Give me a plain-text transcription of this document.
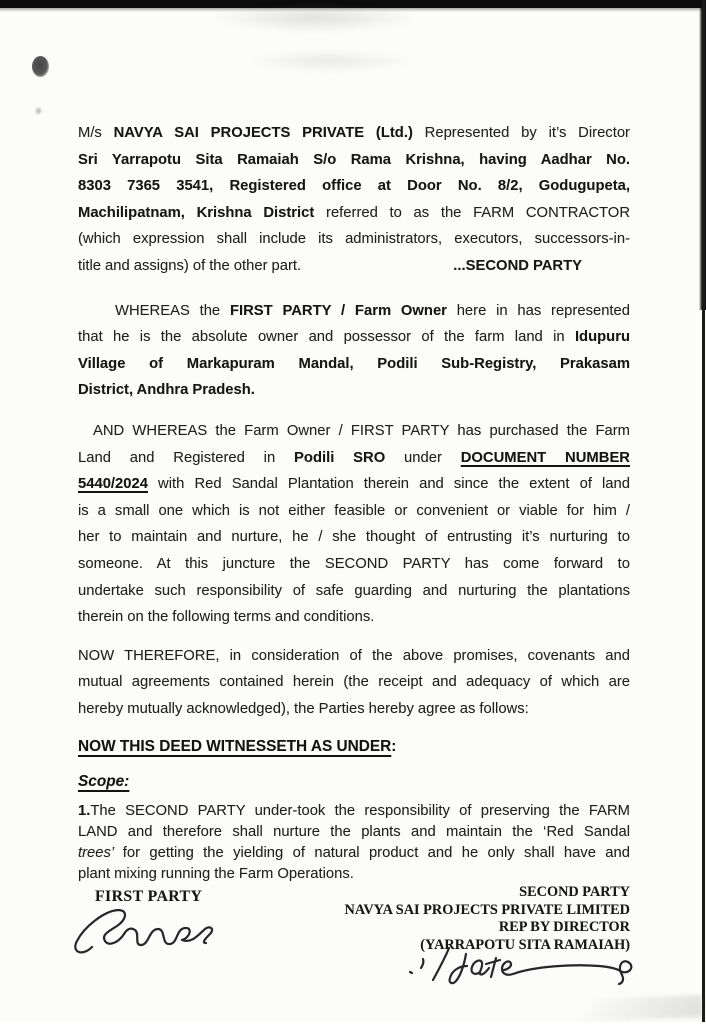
M/s NAVYA SAI PROJECTS PRIVATE (Ltd.) Represented by it’s Director
Sri Yarrapotu Sita Ramaiah S/o Rama Krishna, having Aadhar No.
8303 7365 3541, Registered office at Door No. 8/2, Godugupeta,
Machilipatnam, Krishna District referred to as the FARM CONTRACTOR
(which expression shall include its administrators, executors, successors-in-
title and assigns) of the other part.	...SECOND PARTY
WHEREAS the FIRST PARTY / Farm Owner here in has represented
that he is the absolute owner and possessor of the farm land in Idupuru
Village of Markapuram Mandal, Podili Sub-Registry, Prakasam
District, Andhra Pradesh.
AND WHEREAS the Farm Owner / FIRST PARTY has purchased the Farm
Land and Registered in Podili SRO under DOCUMENT NUMBER
5440/2024 with Red Sandal Plantation therein and since the extent of land
is a small one which is not either feasible or convenient or viable for him /
her to maintain and nurture, he / she thought of entrusting it’s nurturing to
someone. At this juncture the SECOND PARTY has come forward to
undertake such responsibility of safe guarding and nurturing the plantations
therein on the following terms and conditions.
NOW THEREFORE, in consideration of the above promises, covenants and
mutual agreements contained herein (the receipt and adequacy of which are
hereby mutually acknowledged), the Parties hereby agree as follows:
NOW THIS DEED WITNESSETH AS UNDER:
Scope:
1.The SECOND PARTY under-took the responsibility of preserving the FARM
LAND and therefore shall nurture the plants and maintain the ‘Red Sandal
trees’ for getting the yielding of natural product and he only shall have and
plant mixing running the Farm Operations.
FIRST PARTY	SECOND PARTY
NAVYA SAI PROJECTS PRIVATE LIMITED
REP BY DIRECTOR
(YARRAPOTU SITA RAMAIAH)
